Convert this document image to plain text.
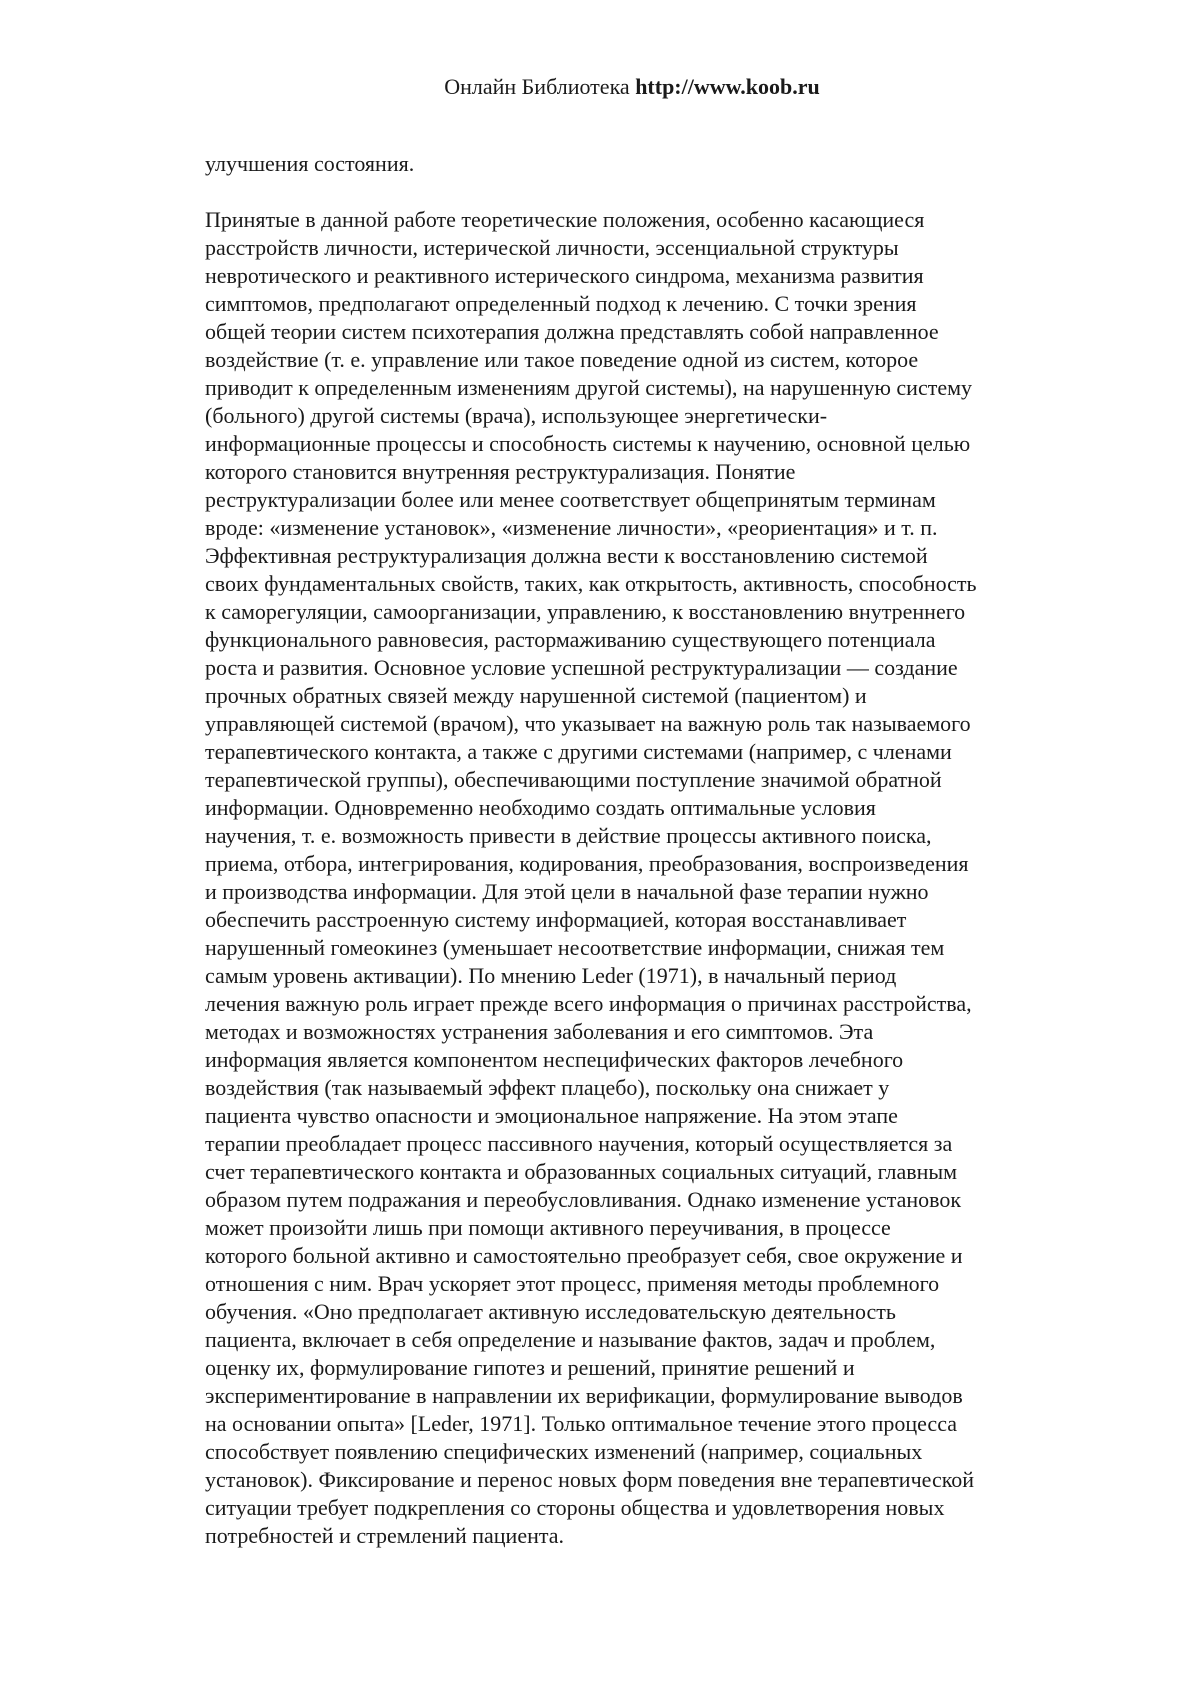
Онлайн Библиотека http://www.koob.ru
улучшения состояния.
Принятые в данной работе теоретические положения, особенно касающиеся
расстройств личности, истерической личности, эссенциальной структуры
невротического и реактивного истерического синдрома, механизма развития
симптомов, предполагают определенный подход к лечению. С точки зрения
общей теории систем психотерапия должна представлять собой направленное
воздействие (т. е. управление или такое поведение одной из систем, которое
приводит к определенным изменениям другой системы), на нарушенную систему
(больного) другой системы (врача), использующее энергетически-
информационные процессы и способность системы к научению, основной целью
которого становится внутренняя реструктурализация. Понятие
реструктурализации более или менее соответствует общепринятым терминам
вроде: «изменение установок», «изменение личности», «реориентация» и т. п.
Эффективная реструктурализация должна вести к восстановлению системой
своих фундаментальных свойств, таких, как открытость, активность, способность
к саморегуляции, самоорганизации, управлению, к восстановлению внутреннего
функционального равновесия, растормаживанию существующего потенциала
роста и развития. Основное условие успешной реструктурализации — создание
прочных обратных связей между нарушенной системой (пациентом) и
управляющей системой (врачом), что указывает на важную роль так называемого
терапевтического контакта, а также с другими системами (например, с членами
терапевтической группы), обеспечивающими поступление значимой обратной
информации. Одновременно необходимо создать оптимальные условия
научения, т. е. возможность привести в действие процессы активного поиска,
приема, отбора, интегрирования, кодирования, преобразования, воспроизведения
и производства информации. Для этой цели в начальной фазе терапии нужно
обеспечить расстроенную систему информацией, которая восстанавливает
нарушенный гомеокинез (уменьшает несоответствие информации, снижая тем
самым уровень активации). По мнению Leder (1971), в начальный период
лечения важную роль играет прежде всего информация о причинах расстройства,
методах и возможностях устранения заболевания и его симптомов. Эта
информация является компонентом неспецифических факторов лечебного
воздействия (так называемый эффект плацебо), поскольку она снижает у
пациента чувство опасности и эмоциональное напряжение. На этом этапе
терапии преобладает процесс пассивного научения, который осуществляется за
счет терапевтического контакта и образованных социальных ситуаций, главным
образом путем подражания и переобусловливания. Однако изменение установок
может произойти лишь при помощи активного переучивания, в процессе
которого больной активно и самостоятельно преобразует себя, свое окружение и
отношения с ним. Врач ускоряет этот процесс, применяя методы проблемного
обучения. «Оно предполагает активную исследовательскую деятельность
пациента, включает в себя определение и называние фактов, задач и проблем,
оценку их, формулирование гипотез и решений, принятие решений и
экспериментирование в направлении их верификации, формулирование выводов
на основании опыта» [Leder, 1971]. Только оптимальное течение этого процесса
способствует появлению специфических изменений (например, социальных
установок). Фиксирование и перенос новых форм поведения вне терапевтической
ситуации требует подкрепления со стороны общества и удовлетворения новых
потребностей и стремлений пациента.
